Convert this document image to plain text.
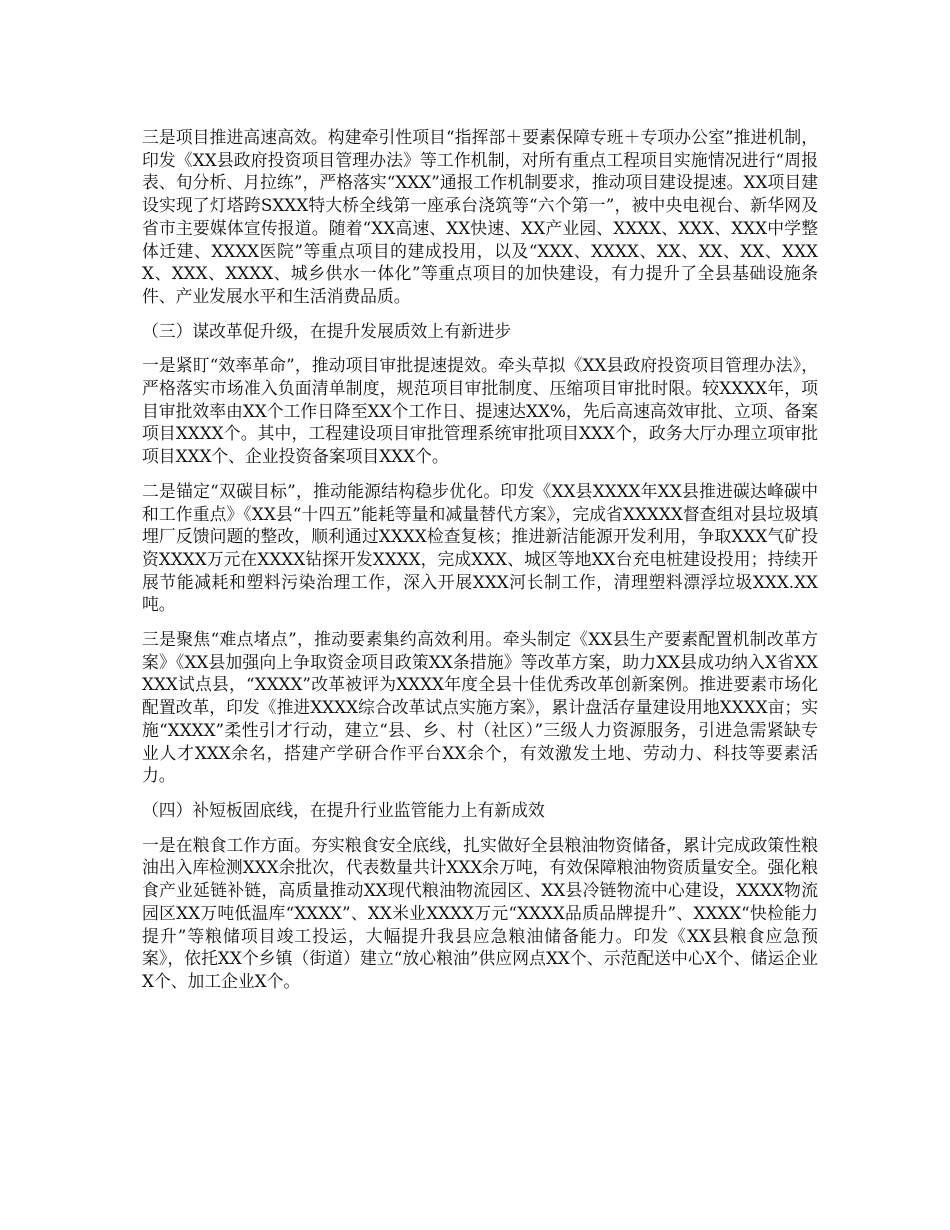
三是项目推进高速高效。构建牵引性项目“指挥部＋要素保障专班＋专项办公室”推进机制，印发《XX县政府投资项目管理办法》等工作机制，对所有重点工程项目实施情况进行“周报表、旬分析、月拉练”，严格落实“XXX”通报工作机制要求，推动项目建设提速。XX项目建设实现了灯塔跨SXXX特大桥全线第一座承台浇筑等“六个第一”，被中央电视台、新华网及省市主要媒体宣传报道。随着“XX高速、XX快速、XX产业园、XXXX、XXX、XXX中学整体迁建、XXXX医院”等重点项目的建成投用，以及“XXX、XXXX、XX、XX、XX、XXXX、XXX、XXXX、城乡供水一体化”等重点项目的加快建设，有力提升了全县基础设施条件、产业发展水平和生活消费品质。

（三）谋改革促升级，在提升发展质效上有新进步

一是紧盯“效率革命”，推动项目审批提速提效。牵头草拟《XX县政府投资项目管理办法》，严格落实市场准入负面清单制度，规范项目审批制度、压缩项目审批时限。较XXXX年，项目审批效率由XX个工作日降至XX个工作日、提速达XX%，先后高速高效审批、立项、备案项目XXXX个。其中，工程建设项目审批管理系统审批项目XXX个，政务大厅办理立项审批项目XXX个、企业投资备案项目XXX个。

二是锚定“双碳目标”，推动能源结构稳步优化。印发《XX县XXXX年XX县推进碳达峰碳中和工作重点》《XX县“十四五”能耗等量和减量替代方案》，完成省XXXXX督查组对县垃圾填埋厂反馈问题的整改，顺利通过XXXX检查复核；推进新洁能源开发利用，争取XXX气矿投资XXXX万元在XXXX钻探开发XXXX，完成XXX、城区等地XX台充电桩建设投用；持续开展节能减耗和塑料污染治理工作，深入开展XXX河长制工作，清理塑料漂浮垃圾XXX.XX吨。

三是聚焦“难点堵点”，推动要素集约高效利用。牵头制定《XX县生产要素配置机制改革方案》《XX县加强向上争取资金项目政策XX条措施》等改革方案，助力XX县成功纳入X省XXXXX试点县，“XXXX”改革被评为XXXX年度全县十佳优秀改革创新案例。推进要素市场化配置改革，印发《推进XXXX综合改革试点实施方案》，累计盘活存量建设用地XXXX亩；实施“XXXX”柔性引才行动，建立“县、乡、村（社区）”三级人力资源服务，引进急需紧缺专业人才XXX余名，搭建产学研合作平台XX余个，有效激发土地、劳动力、科技等要素活力。

（四）补短板固底线，在提升行业监管能力上有新成效

一是在粮食工作方面。夯实粮食安全底线，扎实做好全县粮油物资储备，累计完成政策性粮油出入库检测XXX余批次，代表数量共计XXX余万吨，有效保障粮油物资质量安全。强化粮食产业延链补链，高质量推动XX现代粮油物流园区、XX县冷链物流中心建设，XXXX物流园区XX万吨低温库“XXXX”、XX米业XXXX万元“XXXX品质品牌提升”、XXXX“快检能力提升”等粮储项目竣工投运，大幅提升我县应急粮油储备能力。印发《XX县粮食应急预案》，依托XX个乡镇（街道）建立“放心粮油”供应网点XX个、示范配送中心X个、储运企业X个、加工企业X个。
